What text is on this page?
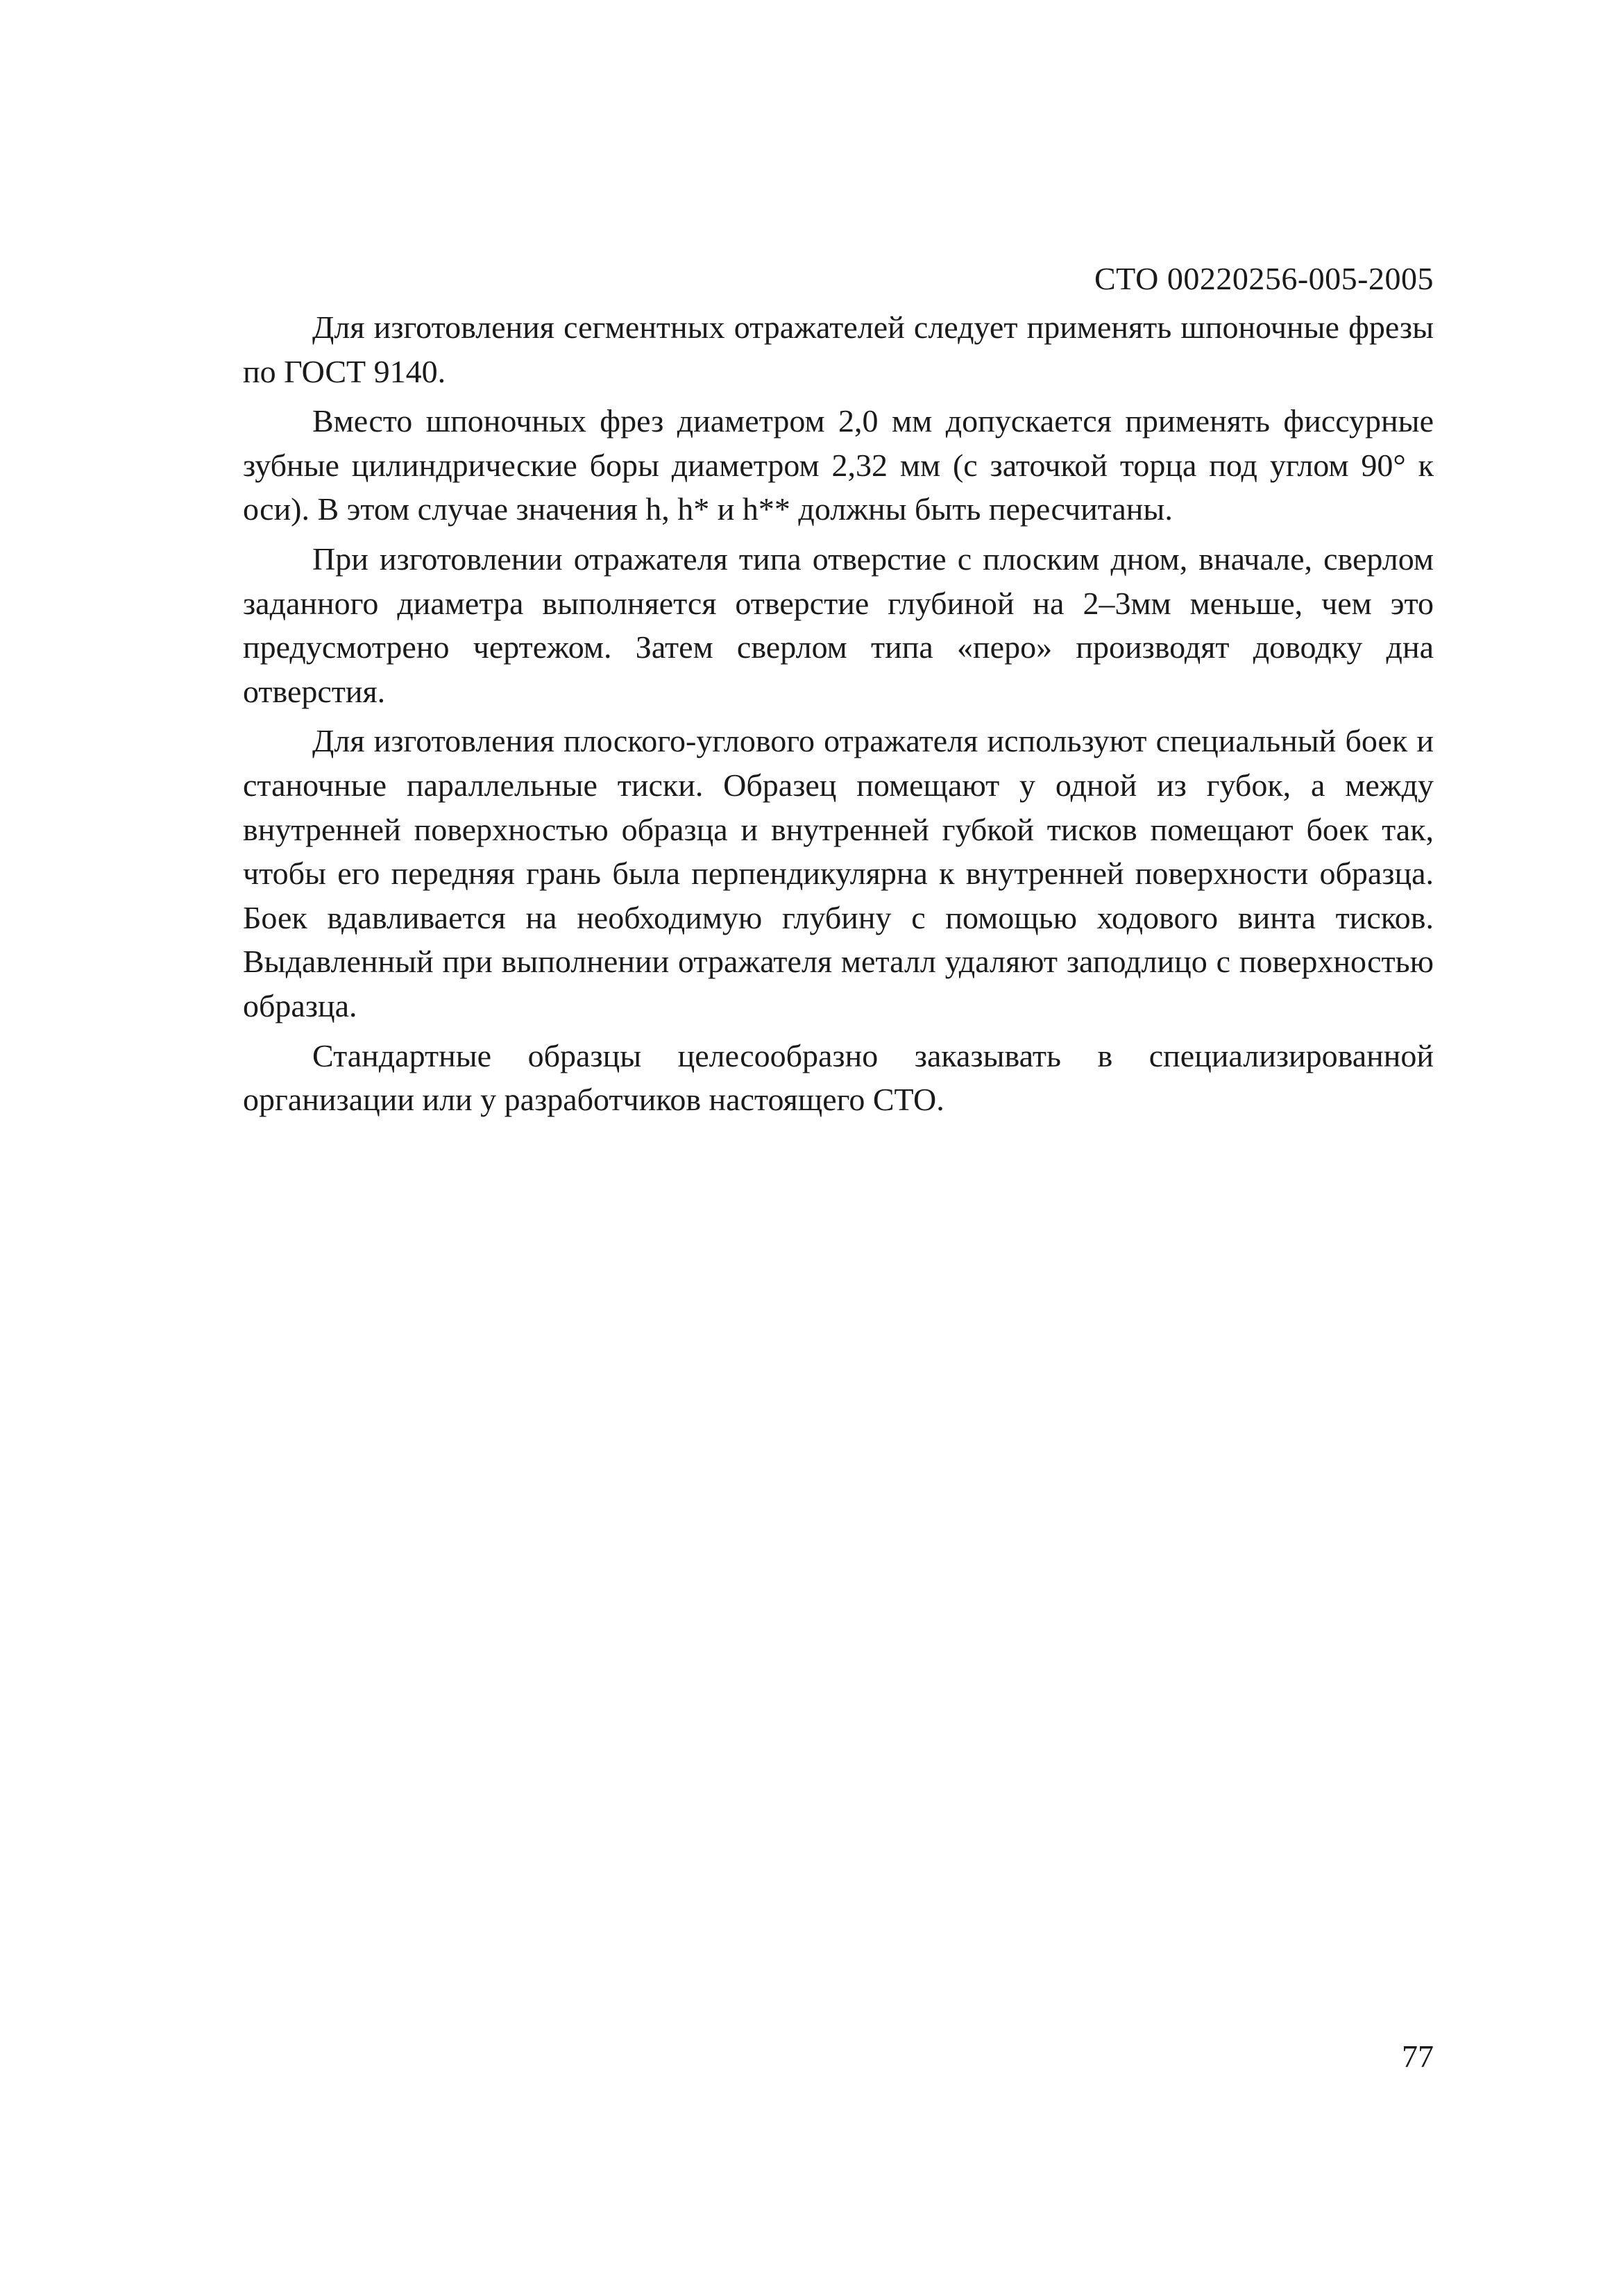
СТО 00220256-005-2005

Для изготовления сегментных отражателей следует применять шпоночные фрезы по ГОСТ 9140.

Вместо шпоночных фрез диаметром 2,0 мм допускается применять фиссурные зубные цилиндрические боры диаметром 2,32 мм (с заточкой торца под углом 90° к оси). В этом случае значения h, h* и h** должны быть пересчитаны.

При изготовлении отражателя типа отверстие с плоским дном, вначале, сверлом заданного диаметра выполняется отверстие глубиной на 2–3мм меньше, чем это предусмотрено чертежом. Затем сверлом типа «перо» производят доводку дна отверстия.

Для изготовления плоского-углового отражателя используют специальный боек и станочные параллельные тиски. Образец помещают у одной из губок, а между внутренней поверхностью образца и внутренней губкой тисков помещают боек так, чтобы его передняя грань была перпендикулярна к внутренней поверхности образца. Боек вдавливается на необходимую глубину с помощью ходового винта тисков. Выдавленный при выполнении отражателя металл удаляют заподлицо с поверхностью образца.

Стандартные образцы целесообразно заказывать в специализированной организации или у разработчиков настоящего СТО.

77
